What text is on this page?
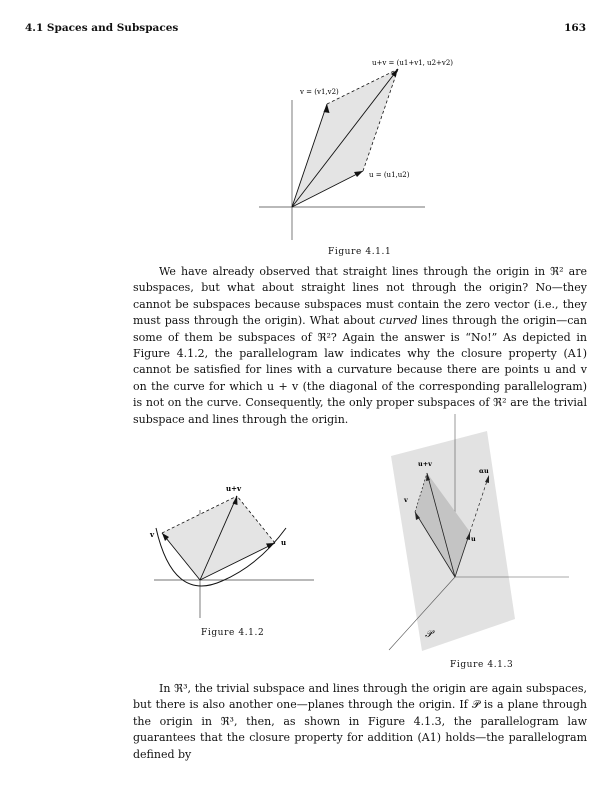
4.1 Spaces and Subspaces	163
u+v = (u1+v1, u2+v2)
v = (v1,v2)
u = (u1,u2)
Figure 4.1.1

We have already observed that straight lines through the origin in ℜ² are subspaces, but what about straight lines not through the origin? No—they cannot be subspaces because subspaces must contain the zero vector (i.e., they must pass through the origin). What about curved lines through the origin—can some of them be subspaces of ℜ²? Again the answer is “No!” As depicted in Figure 4.1.2, the parallelogram law indicates why the closure property (A1) cannot be satisfied for lines with a curvature because there are points u and v on the curve for which u + v (the diagonal of the corresponding parallelogram) is not on the curve. Consequently, the only proper subspaces of ℜ² are the trivial subspace and lines through the origin.

u+v
v
u
Figure 4.1.2
u+v
αu
v
u
𝒫
Figure 4.1.3

In ℜ³, the trivial subspace and lines through the origin are again subspaces, but there is also another one—planes through the origin. If 𝒫 is a plane through the origin in ℜ³, then, as shown in Figure 4.1.3, the parallelogram law guarantees that the closure property for addition (A1) holds—the parallelogram defined by
